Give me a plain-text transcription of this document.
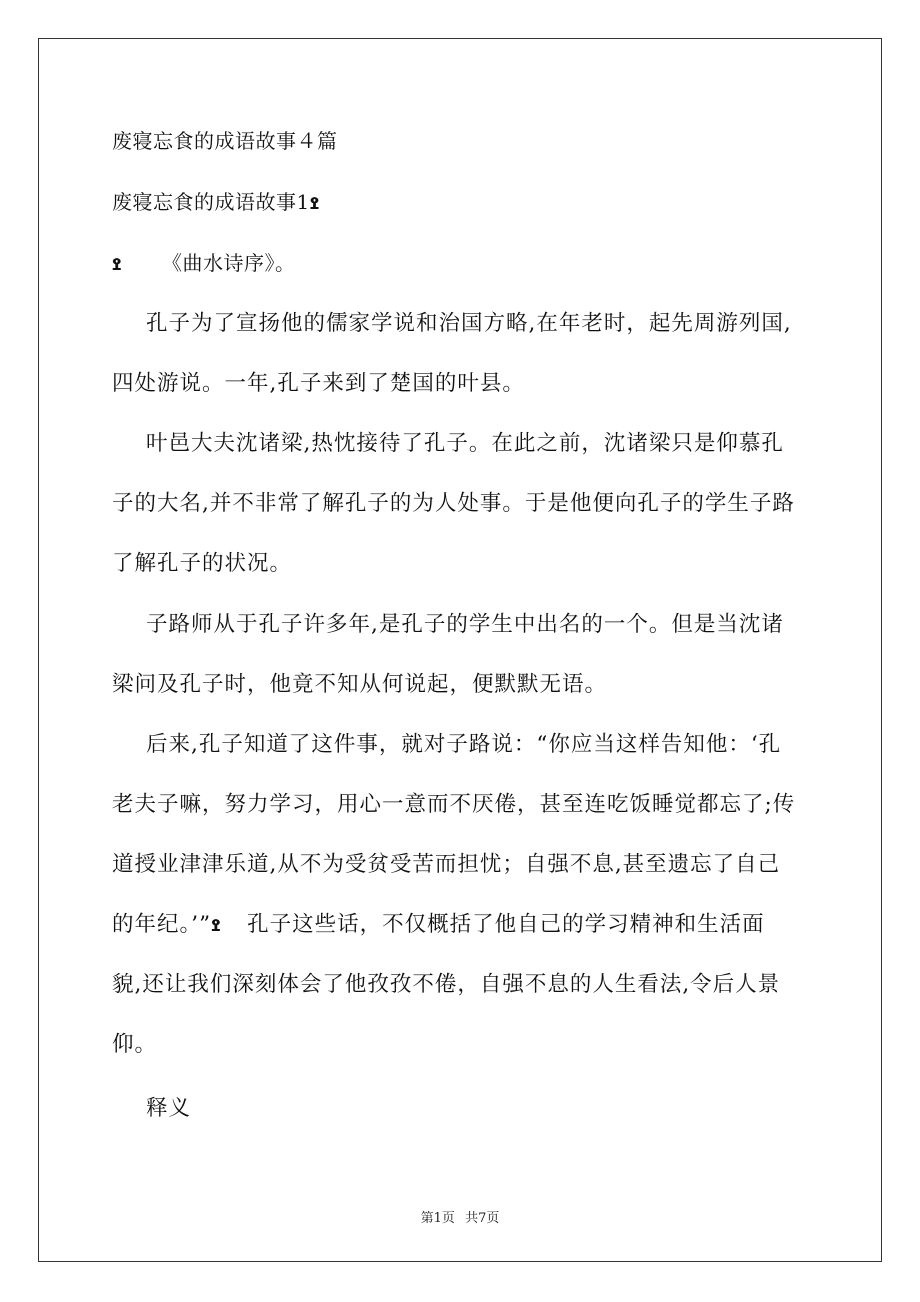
废寝忘食的成语故事４篇
废寝忘食的成语故事1ߐ
ߐ 《曲水诗序》。
孔子为了宣扬他的儒家学说和治国方略,在年老时，起先周游列国,
四处游说。一年,孔子来到了楚国的叶县。
叶邑大夫沈诸梁,热忱接待了孔子。在此之前，沈诸梁只是仰慕孔
子的大名,并不非常了解孔子的为人处事。于是他便向孔子的学生子路
了解孔子的状况。
子路师从于孔子许多年,是孔子的学生中出名的一个。但是当沈诸
梁问及孔子时，他竟不知从何说起，便默默无语。
后来,孔子知道了这件事，就对子路说：“你应当这样告知他：‘孔
老夫子嘛，努力学习，用心一意而不厌倦，甚至连吃饭睡觉都忘了;传
道授业津津乐道,从不为受贫受苦而担忧；自强不息,甚至遗忘了自己
的年纪。’”ߐ 孔子这些话，不仅概括了他自己的学习精神和生活面
貌,还让我们深刻体会了他孜孜不倦，自强不息的人生看法,令后人景
仰。
释义
第1页 共7页
